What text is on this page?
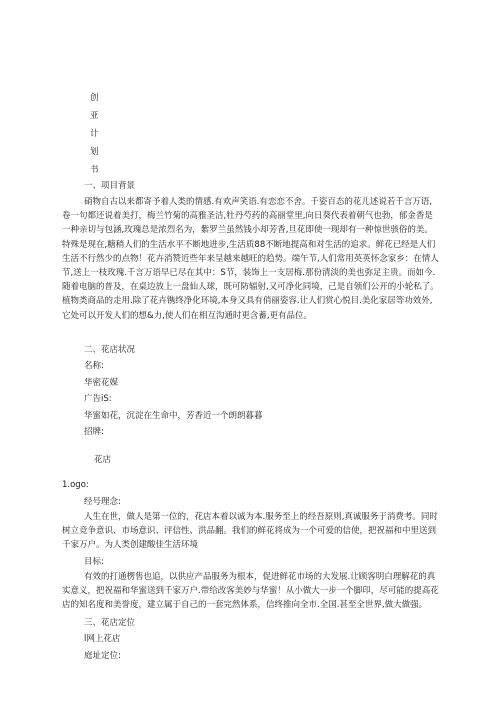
创
亚
计
划
书
一、项目背景
硝物自古以来都寄予着人类的情感.有欢声笑语.有恋恋不舍。千姿百态的花儿述说若千言万语,卷一句都还说着美打，梅兰竹菊的高雅圣洁,牡丹芍药的高丽堂里,向日葵代表着朝气也勃，郁金香是一种亲切与包涵,玫瑰总是浓烈名为，紫罗兰虽然钱小却芳香,旦花即使一现却有一种惊世骇俗的美。特殊是现在,糖稍人们的生活水平不断地进步,生活质88不断地提高和对生活的追求。鲜花已经是人们生活不行然少的点物！花卉消赞近些年来呈越来越旺的趋势。端午节,人们常用英英怀念家乡：在情人节,送上一枝玫瑰.千言万语早已尽在其中：S节，装饰上一支居梅.那份清淡的美也弥足主贵。而如今.随着电脑的普及，在桌边放上一盘仙人球，既可防辐射,又可净化同境，己是自领们公开的小轮私了。植物类商品的走用.除了花卉镌终净化环境,本身又具有俏丽姿容.让人们赏心悦目.美化家居等功效外,它处可以开发人们的想&力,使人们在相互沟通时更含蓄,更有品位。
二、花店状况
名称:
华密花媒
广告iS:
华蜜如花，沉淀在生命中，芳香近一个朗朗暮暮
招牌:
花店
1.ogo:
经号理念:
人生在世，做人是第一位的，花店本着以诚为本.服务至上的经吾原则,真诚服务于消费考。同时树立竞争意识、市场意识、评信性、洪品翻。我们的鲜花将成为一个可爱的信使，把祝福和中里送到千家万户。为人类创建酸佳生活环境
目标:
有效的打通楞售也追，以供应产品服务为根本，促进鲜花市场的大发展.让顾客明白理解花的真实意义，把祝福和华蜜送到千家万户.带给改客美妙与华蜜！从小做大一步一个脚印，尽可能的提高花店的知名度和美誉度，建立属于自己的一套完然体系，信终推向全市.全国.甚至全世界,做大做强。
三、花店定位
l网上花店
庭址定位:
